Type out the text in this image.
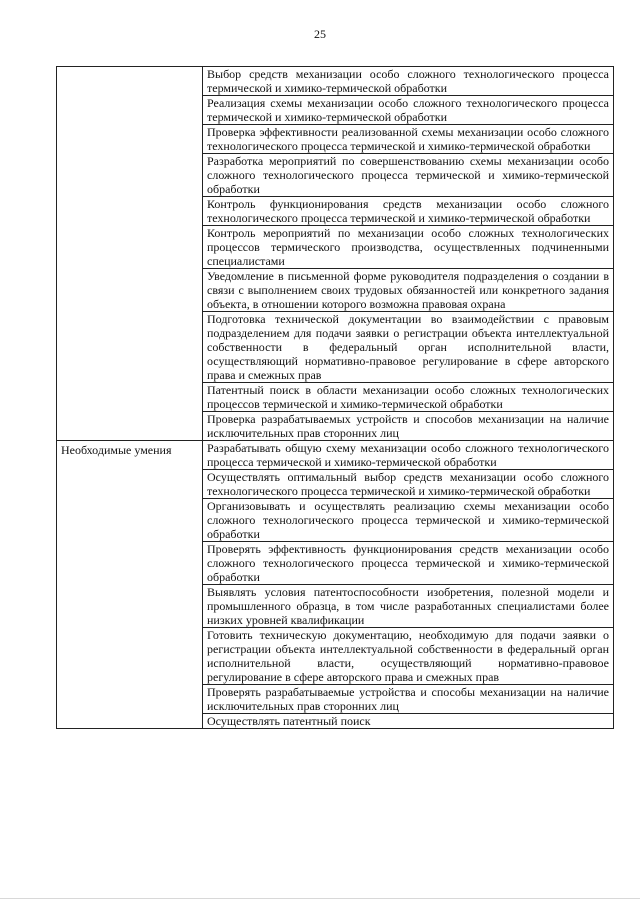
25
	Выбор средств механизации особо сложного технологического процесса термической и химико-термической обработки
	Реализация схемы механизации особо сложного технологического процесса термической и химико-термической обработки
	Проверка эффективности реализованной схемы механизации особо сложного технологического процесса термической и химико-термической обработки
	Разработка мероприятий по совершенствованию схемы механизации особо сложного технологического процесса термической и химико-термической обработки
	Контроль функционирования средств механизации особо сложного технологического процесса термической и химико-термической обработки
	Контроль мероприятий по механизации особо сложных технологических процессов термического производства, осуществленных подчиненными специалистами
	Уведомление в письменной форме руководителя подразделения о создании в связи с выполнением своих трудовых обязанностей или конкретного задания объекта, в отношении которого возможна правовая охрана
	Подготовка технической документации во взаимодействии с правовым подразделением для подачи заявки о регистрации объекта интеллектуальной собственности в федеральный орган исполнительной власти, осуществляющий нормативно-правовое регулирование в сфере авторского права и смежных прав
	Патентный поиск в области механизации особо сложных технологических процессов термической и химико-термической обработки
	Проверка разрабатываемых устройств и способов механизации на наличие исключительных прав сторонних лиц
Необходимые умения	Разрабатывать общую схему механизации особо сложного технологического процесса термической и химико-термической обработки
	Осуществлять оптимальный выбор средств механизации особо сложного технологического процесса термической и химико-термической обработки
	Организовывать и осуществлять реализацию схемы механизации особо сложного технологического процесса термической и химико-термической обработки
	Проверять эффективность функционирования средств механизации особо сложного технологического процесса термической и химико-термической обработки
	Выявлять условия патентоспособности изобретения, полезной модели и промышленного образца, в том числе разработанных специалистами более низких уровней квалификации
	Готовить техническую документацию, необходимую для подачи заявки о регистрации объекта интеллектуальной собственности в федеральный орган исполнительной власти, осуществляющий нормативно-правовое регулирование в сфере авторского права и смежных прав
	Проверять разрабатываемые устройства и способы механизации на наличие исключительных прав сторонних лиц
	Осуществлять патентный поиск
